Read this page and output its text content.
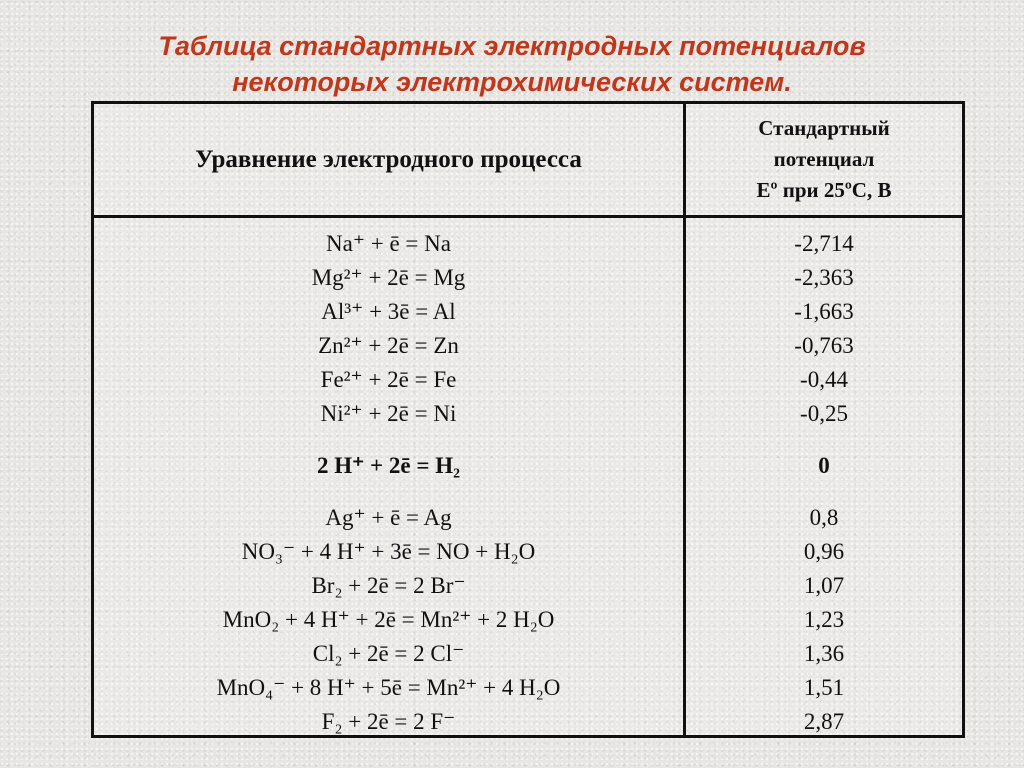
Таблица стандартных электродных потенциалов
некоторых электрохимических систем.
Уравнение электродного процесса
Стандартный
потенциал
Eº при 25ºС, В
Na⁺ + ē = Na
Mg²⁺ + 2ē = Mg
Al³⁺ + 3ē = Al
Zn²⁺ + 2ē = Zn
Fe²⁺ + 2ē = Fe
Ni²⁺ + 2ē = Ni
2 H⁺ + 2ē = H₂
Ag⁺ + ē = Ag
NO₃⁻ + 4 H⁺ + 3ē = NO + H₂O
Br₂ + 2ē = 2 Br⁻
MnO₂ + 4 H⁺ + 2ē = Mn²⁺ + 2 H₂O
Cl₂ + 2ē = 2 Cl⁻
MnO₄⁻ + 8 H⁺ + 5ē = Mn²⁺ + 4 H₂O
F₂ + 2ē = 2 F⁻
-2,714
-2,363
-1,663
-0,763
-0,44
-0,25
0
0,8
0,96
1,07
1,23
1,36
1,51
2,87
